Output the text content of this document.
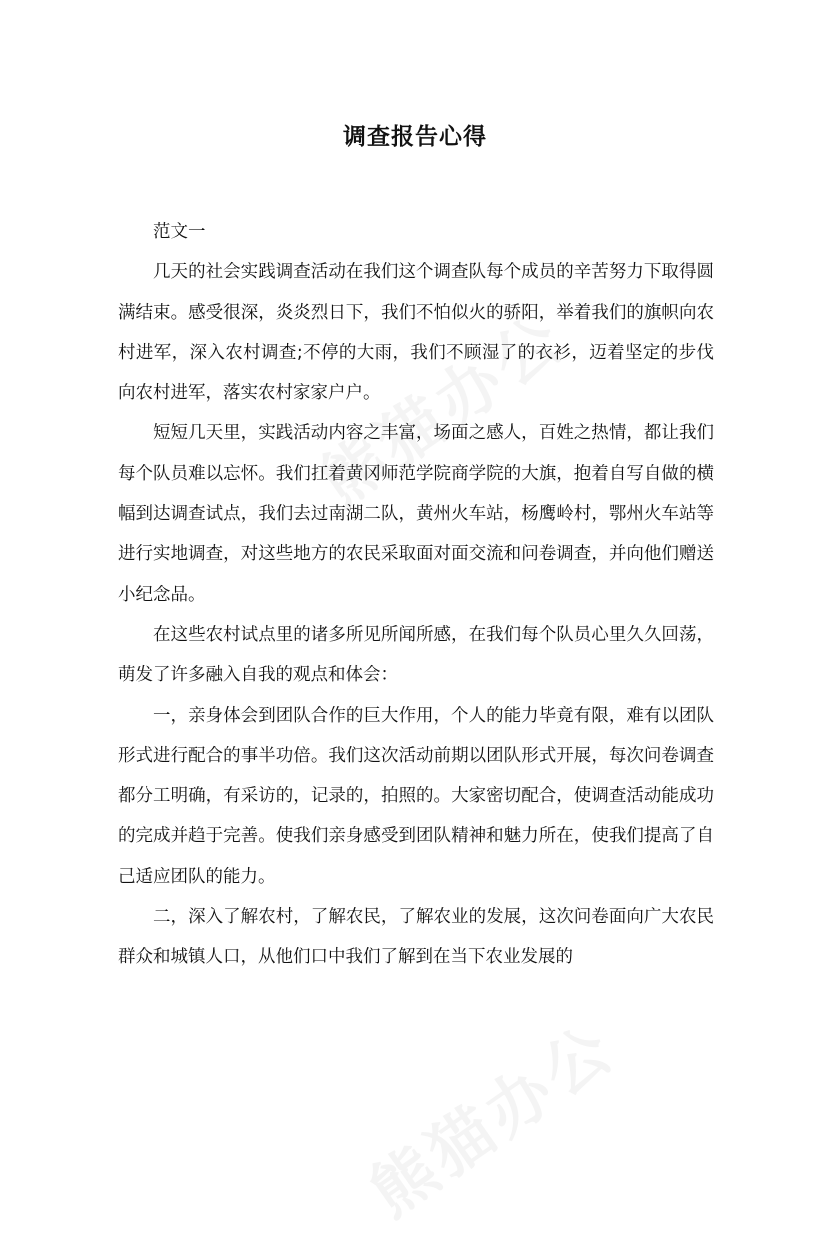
调查报告心得

范文一

几天的社会实践调查活动在我们这个调查队每个成员的辛苦努力下取得圆满结束。感受很深，炎炎烈日下，我们不怕似火的骄阳，举着我们的旗帜向农村进军，深入农村调查;不停的大雨，我们不顾湿了的衣衫，迈着坚定的步伐向农村进军，落实农村家家户户。

短短几天里，实践活动内容之丰富，场面之感人，百姓之热情，都让我们每个队员难以忘怀。我们扛着黄冈师范学院商学院的大旗，抱着自写自做的横幅到达调查试点，我们去过南湖二队，黄州火车站，杨鹰岭村，鄂州火车站等进行实地调查，对这些地方的农民采取面对面交流和问卷调查，并向他们赠送小纪念品。

在这些农村试点里的诸多所见所闻所感，在我们每个队员心里久久回荡，萌发了许多融入自我的观点和体会：

一，亲身体会到团队合作的巨大作用，个人的能力毕竟有限，难有以团队形式进行配合的事半功倍。我们这次活动前期以团队形式开展，每次问卷调查都分工明确，有采访的，记录的，拍照的。大家密切配合，使调查活动能成功的完成并趋于完善。使我们亲身感受到团队精神和魅力所在，使我们提高了自己适应团队的能力。

二，深入了解农村，了解农民，了解农业的发展，这次问卷面向广大农民群众和城镇人口，从他们口中我们了解到在当下农业发展的
